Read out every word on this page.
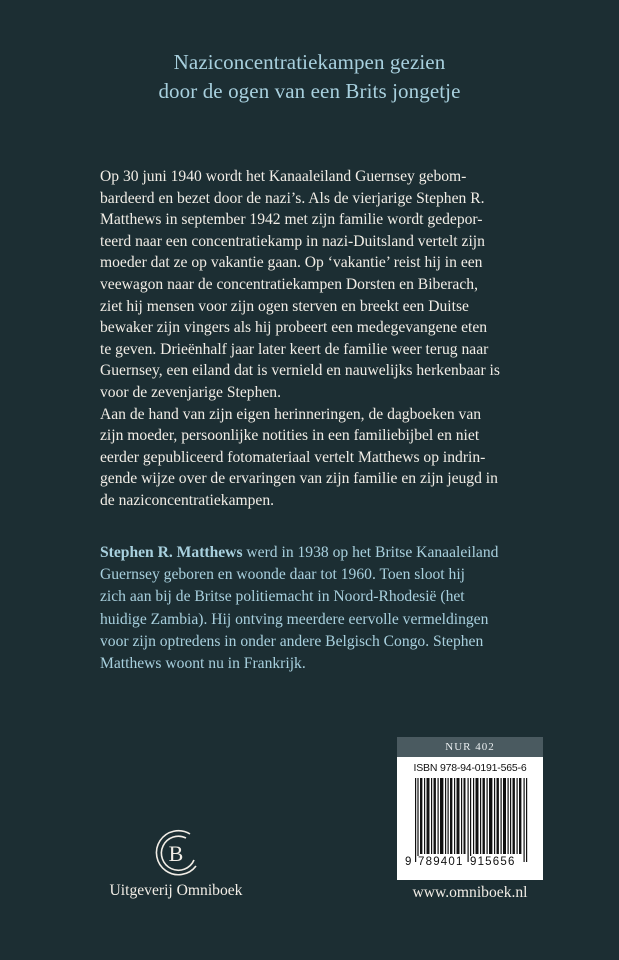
Naziconcentratiekampen gezien
door de ogen van een Brits jongetje
Op 30 juni 1940 wordt het Kanaaleiland Guernsey gebom-
bardeerd en bezet door de nazi’s. Als de vierjarige Stephen R.
Matthews in september 1942 met zijn familie wordt gedepor-
teerd naar een concentratiekamp in nazi-Duitsland vertelt zijn
moeder dat ze op vakantie gaan. Op ‘vakantie’ reist hij in een
veewagon naar de concentratiekampen Dorsten en Biberach,
ziet hij mensen voor zijn ogen sterven en breekt een Duitse
bewaker zijn vingers als hij probeert een medegevangene eten
te geven. Drieënhalf jaar later keert de familie weer terug naar
Guernsey, een eiland dat is vernield en nauwelijks herkenbaar is
voor de zevenjarige Stephen.
Aan de hand van zijn eigen herinneringen, de dagboeken van
zijn moeder, persoonlijke notities in een familiebijbel en niet
eerder gepubliceerd fotomateriaal vertelt Matthews op indrin-
gende wijze over de ervaringen van zijn familie en zijn jeugd in
de naziconcentratiekampen.
Stephen R. Matthews werd in 1938 op het Britse Kanaaleiland
Guernsey geboren en woonde daar tot 1960. Toen sloot hij
zich aan bij de Britse politiemacht in Noord-Rhodesië (het
huidige Zambia). Hij ontving meerdere eervolle vermeldingen
voor zijn optredens in onder andere Belgisch Congo. Stephen
Matthews woont nu in Frankrijk.
NUR 402
ISBN 978-94-0191-565-6
9 789401 915656
B
Uitgeverij Omniboek	www.omniboek.nl
